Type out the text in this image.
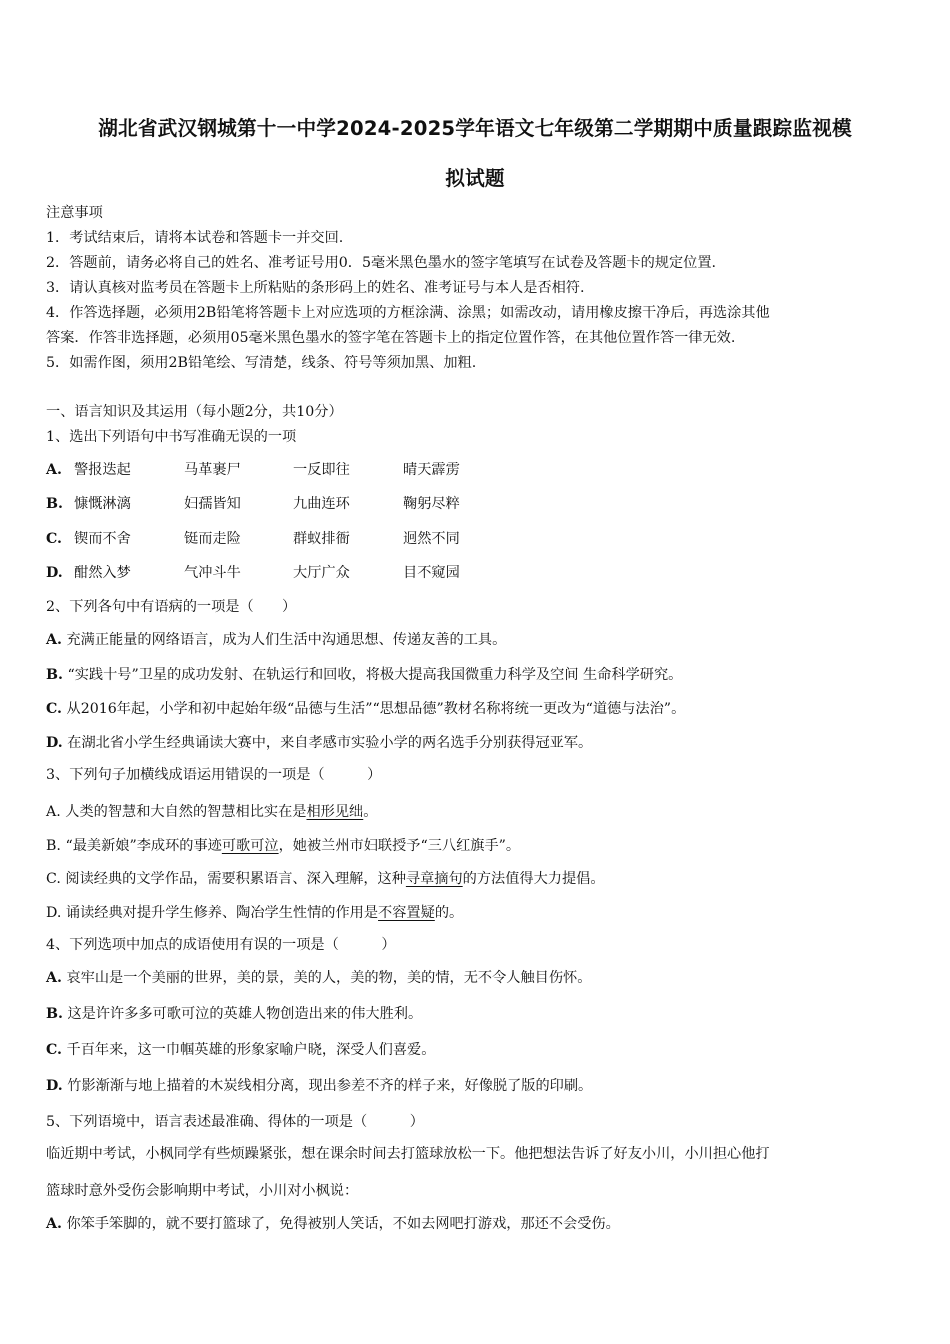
湖北省武汉钢城第十一中学2024-2025学年语文七年级第二学期期中质量跟踪监视模
拟试题
注意事项
1．考试结束后，请将本试卷和答题卡一并交回.
2．答题前，请务必将自己的姓名、准考证号用0．5毫米黑色墨水的签字笔填写在试卷及答题卡的规定位置.
3．请认真核对监考员在答题卡上所粘贴的条形码上的姓名、准考证号与本人是否相符.
4．作答选择题，必须用2B铅笔将答题卡上对应选项的方框涂满、涂黑；如需改动，请用橡皮擦干净后，再选涂其他
答案．作答非选择题，必须用05毫米黑色墨水的签字笔在答题卡上的指定位置作答，在其他位置作答一律无效.
5．如需作图，须用2B铅笔绘、写清楚，线条、符号等须加黑、加粗.
一、语言知识及其运用（每小题2分，共10分）
1、选出下列语句中书写准确无误的一项
A. 警报迭起	马革裹尸	一反即往	晴天霹雳
B. 慷慨淋漓	妇孺皆知	九曲连环	鞠躬尽粹
C. 锲而不舍	铤而走险	群蚁排衙	迥然不同
D. 酣然入梦	气冲斗牛	大厅广众	目不窥园
2、下列各句中有语病的一项是（　　）
A. 充满正能量的网络语言，成为人们生活中沟通思想、传递友善的工具。
B. “实践十号”卫星的成功发射、在轨运行和回收，将极大提高我国微重力科学及空间 生命科学研究。
C. 从2016年起，小学和初中起始年级“品德与生活”“思想品德”教材名称将统一更改为“道德与法治”。
D. 在湖北省小学生经典诵读大赛中，来自孝感市实验小学的两名选手分别获得冠亚军。
3、下列句子加横线成语运用错误的一项是（　　　）
A. 人类的智慧和大自然的智慧相比实在是相形见绌。
B. “最美新娘”李成环的事迹可歌可泣，她被兰州市妇联授予“三八红旗手”。
C. 阅读经典的文学作品，需要积累语言、深入理解，这种寻章摘句的方法值得大力提倡。
D. 诵读经典对提升学生修养、陶冶学生性情的作用是不容置疑的。
4、下列选项中加点的成语使用有误的一项是（　　　）
A. 哀牢山是一个美丽的世界，美的景，美的人，美的物，美的情，无不令人触目伤怀。
B. 这是许许多多可歌可泣的英雄人物创造出来的伟大胜利。
C. 千百年来，这一巾帼英雄的形象家喻户晓，深受人们喜爱。
D. 竹影渐渐与地上描着的木炭线相分离，现出参差不齐的样子来，好像脱了版的印刷。
5、下列语境中，语言表述最准确、得体的一项是（　　　）
临近期中考试，小枫同学有些烦躁紧张，想在课余时间去打篮球放松一下。他把想法告诉了好友小川，小川担心他打
篮球时意外受伤会影响期中考试，小川对小枫说：
A. 你笨手笨脚的，就不要打篮球了，免得被别人笑话，不如去网吧打游戏，那还不会受伤。
